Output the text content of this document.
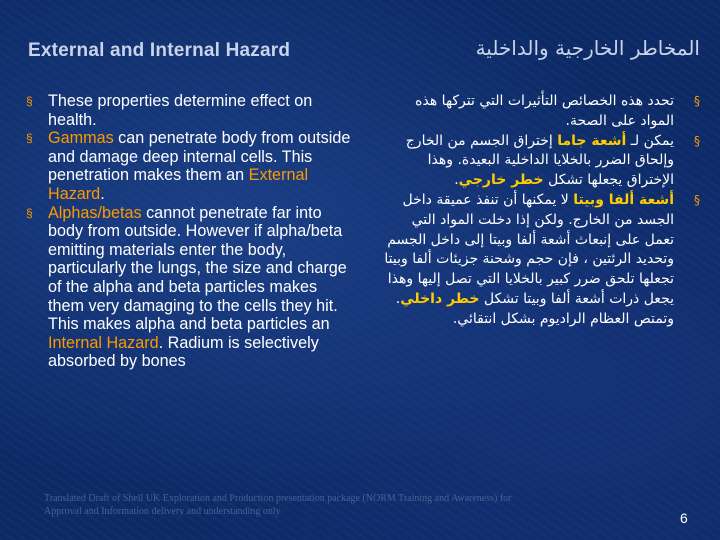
External and Internal Hazard	المخاطر الخارجية والداخلية
§ These properties determine effect on health.
§ Gammas can penetrate body from outside and damage deep internal cells. This penetration makes them an External Hazard.
§ Alphas/betas cannot penetrate far into body from outside. However if alpha/beta emitting materials enter the body, particularly the lungs, the size and charge of the alpha and beta particles makes them very damaging to the cells they hit. This makes alpha and beta particles an Internal Hazard. Radium is selectively absorbed by bones
§
تحدد هذه الخصائص التأثيرات التي تتركها هذه المواد على الصحة.
§
يمكن لـ أشعة جاما إختراق الجسم من الخارج وإلحاق الضرر بالخلايا الداخلية البعيدة. وهذا الإختراق يجعلها تشكل خطر خارجي.
§
أشعة ألفا وبيتا لا يمكنها أن تنفذ عميقة داخل الجسد من الخارج. ولكن إذا دخلت المواد التي تعمل على إنبعاث أشعة ألفا وبيتا إلى داخل الجسم وتحديد الرئتين ، فإن حجم وشحنة جزيئات ألفا وبيتا تجعلها تلحق ضرر كبير بالخلايا التي تصل إليها وهذا يجعل ذرات أشعة ألفا وبيتا تشكل خطر داخلي. وتمتص العظام الراديوم بشكل انتقائي.
Translated Draft of Shell UK Exploration and Production presentation package (NORM Training and Awareness) for Approval and Information delivery and understanding only	6
